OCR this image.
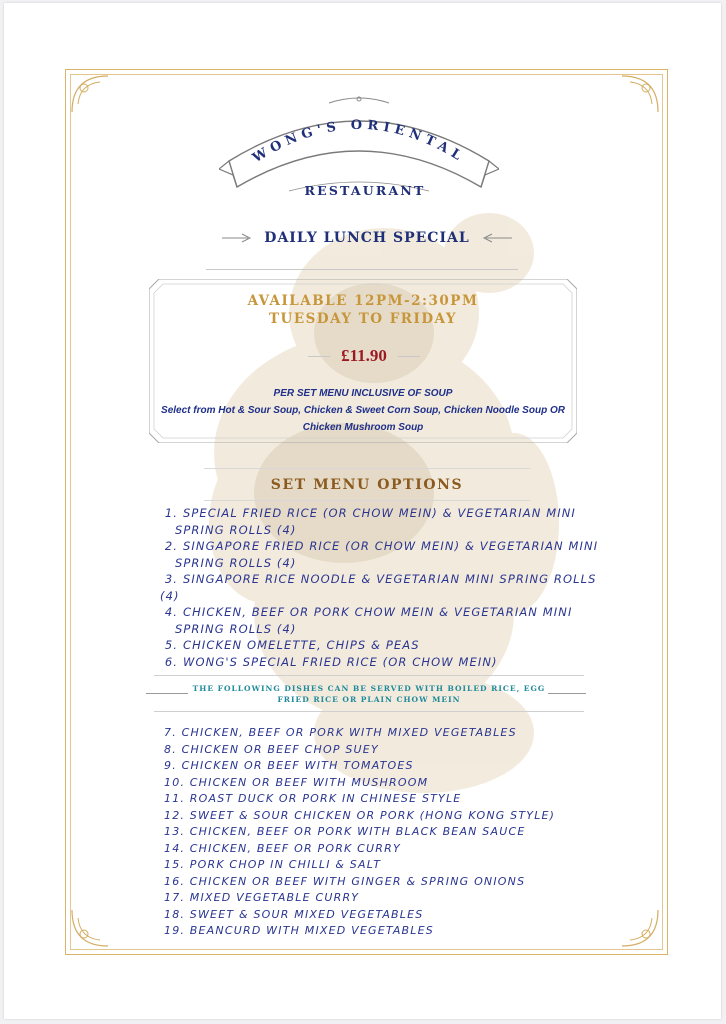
WONG'S ORIENTAL
RESTAURANT
DAILY LUNCH SPECIAL
AVAILABLE 12PM-2:30PM
TUESDAY TO FRIDAY
£11.90
PER SET MENU INCLUSIVE OF SOUP
Select from Hot & Sour Soup, Chicken & Sweet Corn Soup, Chicken Noodle Soup OR
Chicken Mushroom Soup
SET MENU OPTIONS
1. SPECIAL FRIED RICE (OR CHOW MEIN) & VEGETARIAN MINI
SPRING ROLLS (4)
2. SINGAPORE FRIED RICE (OR CHOW MEIN) & VEGETARIAN MINI
SPRING ROLLS (4)
3. SINGAPORE RICE NOODLE & VEGETARIAN MINI SPRING ROLLS (4)
4. CHICKEN, BEEF OR PORK CHOW MEIN & VEGETARIAN MINI
SPRING ROLLS (4)
5. CHICKEN OMELETTE, CHIPS & PEAS
6. WONG'S SPECIAL FRIED RICE (OR CHOW MEIN)
THE FOLLOWING DISHES CAN BE SERVED WITH BOILED RICE, EGG
FRIED RICE OR PLAIN CHOW MEIN
7. CHICKEN, BEEF OR PORK WITH MIXED VEGETABLES
8. CHICKEN OR BEEF CHOP SUEY
9. CHICKEN OR BEEF WITH TOMATOES
10. CHICKEN OR BEEF WITH MUSHROOM
11. ROAST DUCK OR PORK IN CHINESE STYLE
12. SWEET & SOUR CHICKEN OR PORK (HONG KONG STYLE)
13. CHICKEN, BEEF OR PORK WITH BLACK BEAN SAUCE
14. CHICKEN, BEEF OR PORK CURRY
15. PORK CHOP IN CHILLI & SALT
16. CHICKEN OR BEEF WITH GINGER & SPRING ONIONS
17. MIXED VEGETABLE CURRY
18. SWEET & SOUR MIXED VEGETABLES
19. BEANCURD WITH MIXED VEGETABLES
